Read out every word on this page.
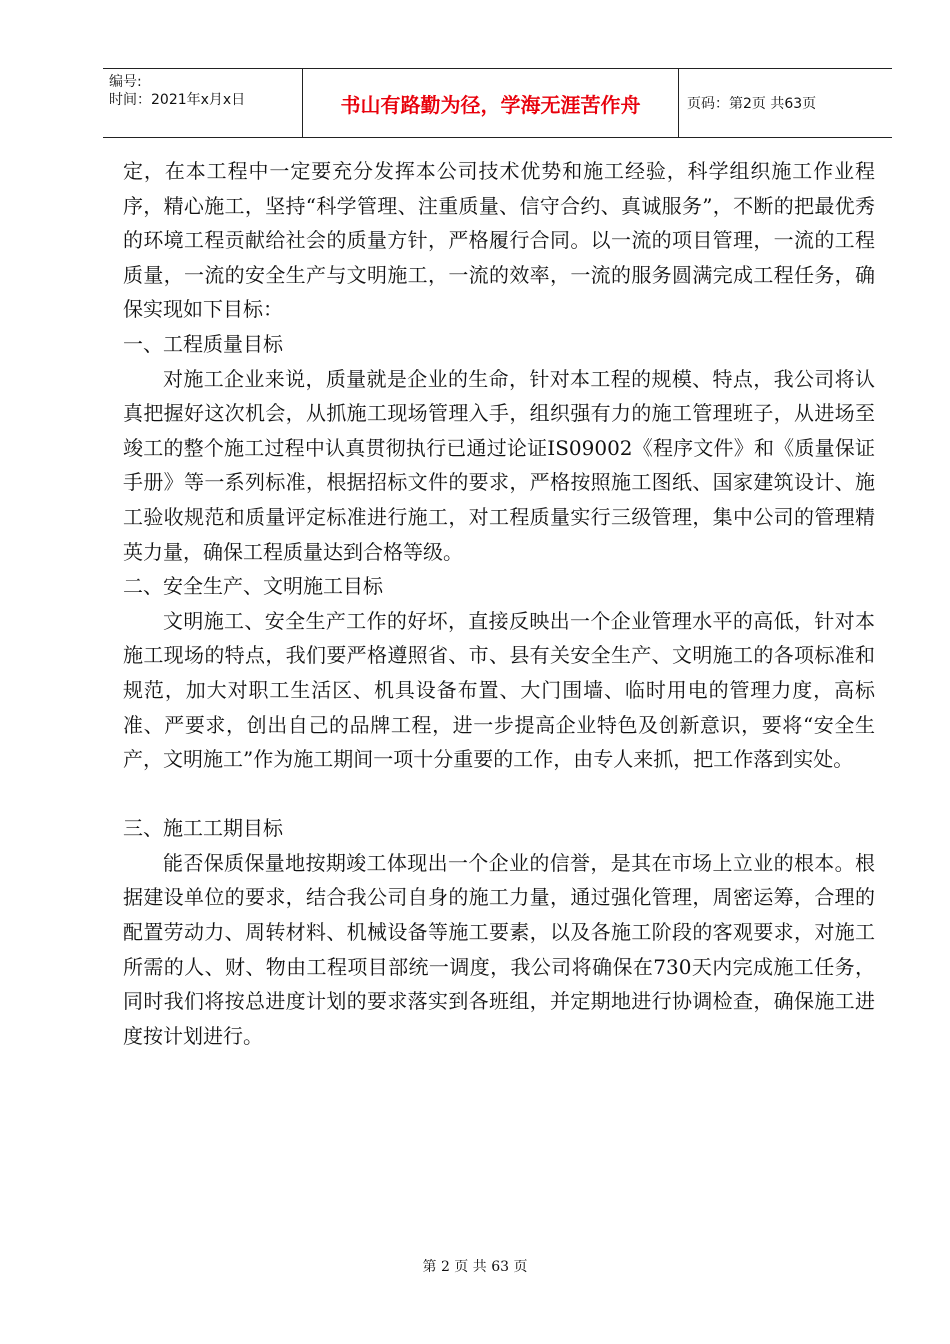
编号:
时间：2021年x月x日	书山有路勤为径，学海无涯苦作舟	页码：第2页 共63页

定，在本工程中一定要充分发挥本公司技术优势和施工经验，科学组织施工作业程序，精心施工，坚持“科学管理、注重质量、信守合约、真诚服务”，不断的把最优秀的环境工程贡献给社会的质量方针，严格履行合同。以一流的项目管理，一流的工程质量，一流的安全生产与文明施工，一流的效率，一流的服务圆满完成工程任务，确保实现如下目标：

一、工程质量目标

对施工企业来说，质量就是企业的生命，针对本工程的规模、特点，我公司将认真把握好这次机会，从抓施工现场管理入手，组织强有力的施工管理班子，从进场至竣工的整个施工过程中认真贯彻执行已通过论证IS09002《程序文件》和《质量保证手册》等一系列标准，根据招标文件的要求，严格按照施工图纸、国家建筑设计、施工验收规范和质量评定标准进行施工，对工程质量实行三级管理，集中公司的管理精英力量，确保工程质量达到合格等级。

二、安全生产、文明施工目标

文明施工、安全生产工作的好坏，直接反映出一个企业管理水平的高低，针对本施工现场的特点，我们要严格遵照省、市、县有关安全生产、文明施工的各项标准和规范，加大对职工生活区、机具设备布置、大门围墙、临时用电的管理力度，高标准、严要求，创出自己的品牌工程，进一步提高企业特色及创新意识，要将“安全生产，文明施工”作为施工期间一项十分重要的工作，由专人来抓，把工作落到实处。

三、施工工期目标

能否保质保量地按期竣工体现出一个企业的信誉，是其在市场上立业的根本。根据建设单位的要求，结合我公司自身的施工力量，通过强化管理，周密运筹，合理的配置劳动力、周转材料、机械设备等施工要素，以及各施工阶段的客观要求，对施工所需的人、财、物由工程项目部统一调度，我公司将确保在730天内完成施工任务，同时我们将按总进度计划的要求落实到各班组，并定期地进行协调检查，确保施工进度按计划进行。

第 2 页 共 63 页
